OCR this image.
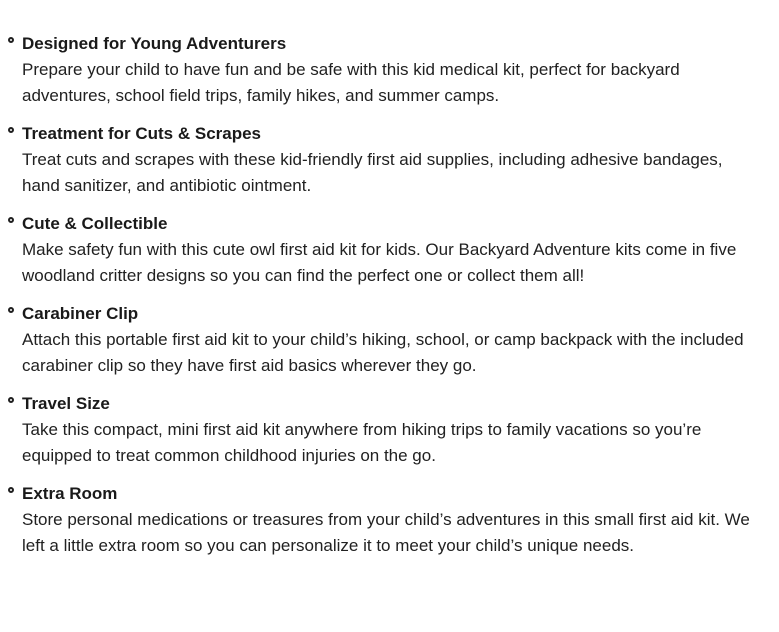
Designed for Young Adventurers
Prepare your child to have fun and be safe with this kid medical kit, perfect for backyard adventures, school field trips, family hikes, and summer camps.
Treatment for Cuts & Scrapes
Treat cuts and scrapes with these kid-friendly first aid supplies, including adhesive bandages, hand sanitizer, and antibiotic ointment.
Cute & Collectible
Make safety fun with this cute owl first aid kit for kids. Our Backyard Adventure kits come in five woodland critter designs so you can find the perfect one or collect them all!
Carabiner Clip
Attach this portable first aid kit to your child’s hiking, school, or camp backpack with the included carabiner clip so they have first aid basics wherever they go.
Travel Size
Take this compact, mini first aid kit anywhere from hiking trips to family vacations so you’re equipped to treat common childhood injuries on the go.
Extra Room
Store personal medications or treasures from your child’s adventures in this small first aid kit. We left a little extra room so you can personalize it to meet your child’s unique needs.
